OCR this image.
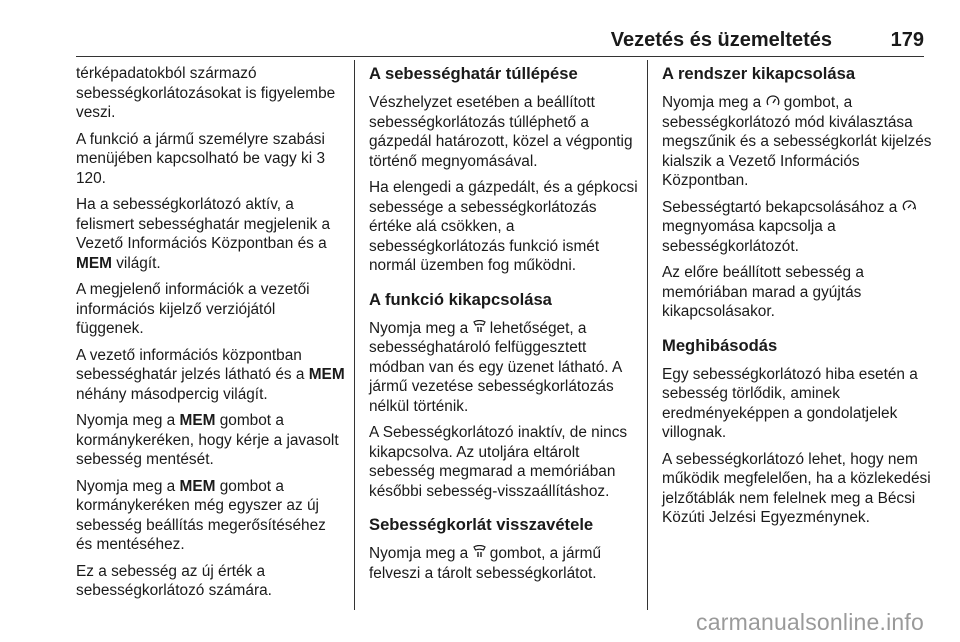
Vezetés és üzemeltetés	179

térképadatokból származó sebességkorlátozásokat is figyelembe veszi.

A funkció a jármű személyre szabási menüjében kapcsolható be vagy ki 3 120.

Ha a sebességkorlátozó aktív, a felismert sebességhatár megjelenik a Vezető Információs Központban és a MEM világít.

A megjelenő információk a vezetői információs kijelző verziójától függenek.

A vezető információs központban sebességhatár jelzés látható és a MEM néhány másodpercig világít.

Nyomja meg a MEM gombot a kormánykeréken, hogy kérje a javasolt sebesség mentését.

Nyomja meg a MEM gombot a kormánykeréken még egyszer az új sebesség beállítás megerősítéséhez és mentéséhez.

Ez a sebesség az új érték a sebességkorlátozó számára.

A sebességhatár túllépése

Vészhelyzet esetében a beállított sebességkorlátozás túlléphető a gázpedál határozott, közel a végpontig történő megnyomásával.

Ha elengedi a gázpedált, és a gépkocsi sebessége a sebességkorlátozás értéke alá csökken, a sebességkorlátozás funkció ismét normál üzemben fog működni.

A funkció kikapcsolása

Nyomja meg a lehetőséget, a sebességhatároló felfüggesztett módban van és egy üzenet látható. A jármű vezetése sebességkorlátozás nélkül történik.

A Sebességkorlátozó inaktív, de nincs kikapcsolva. Az utoljára eltárolt sebesség megmarad a memóriában későbbi sebesség-visszaállításhoz.

Sebességkorlát visszavétele

Nyomja meg a gombot, a jármű felveszi a tárolt sebességkorlátot.

A rendszer kikapcsolása

Nyomja meg a gombot, a sebességkorlátozó mód kiválasztása megszűnik és a sebességkorlát kijelzés kialszik a Vezető Információs Központban.

Sebességtartó bekapcsolásához a  megnyomása kapcsolja a sebességkorlátozót.

Az előre beállított sebesség a memóriában marad a gyújtás kikapcsolásakor.

Meghibásodás

Egy sebességkorlátozó hiba esetén a sebesség törlődik, aminek eredményeképpen a gondolatjelek villognak.

A sebességkorlátozó lehet, hogy nem működik megfelelően, ha a közlekedési jelzőtáblák nem felelnek meg a Bécsi Közúti Jelzési Egyezménynek.

carmanualsonline.info
